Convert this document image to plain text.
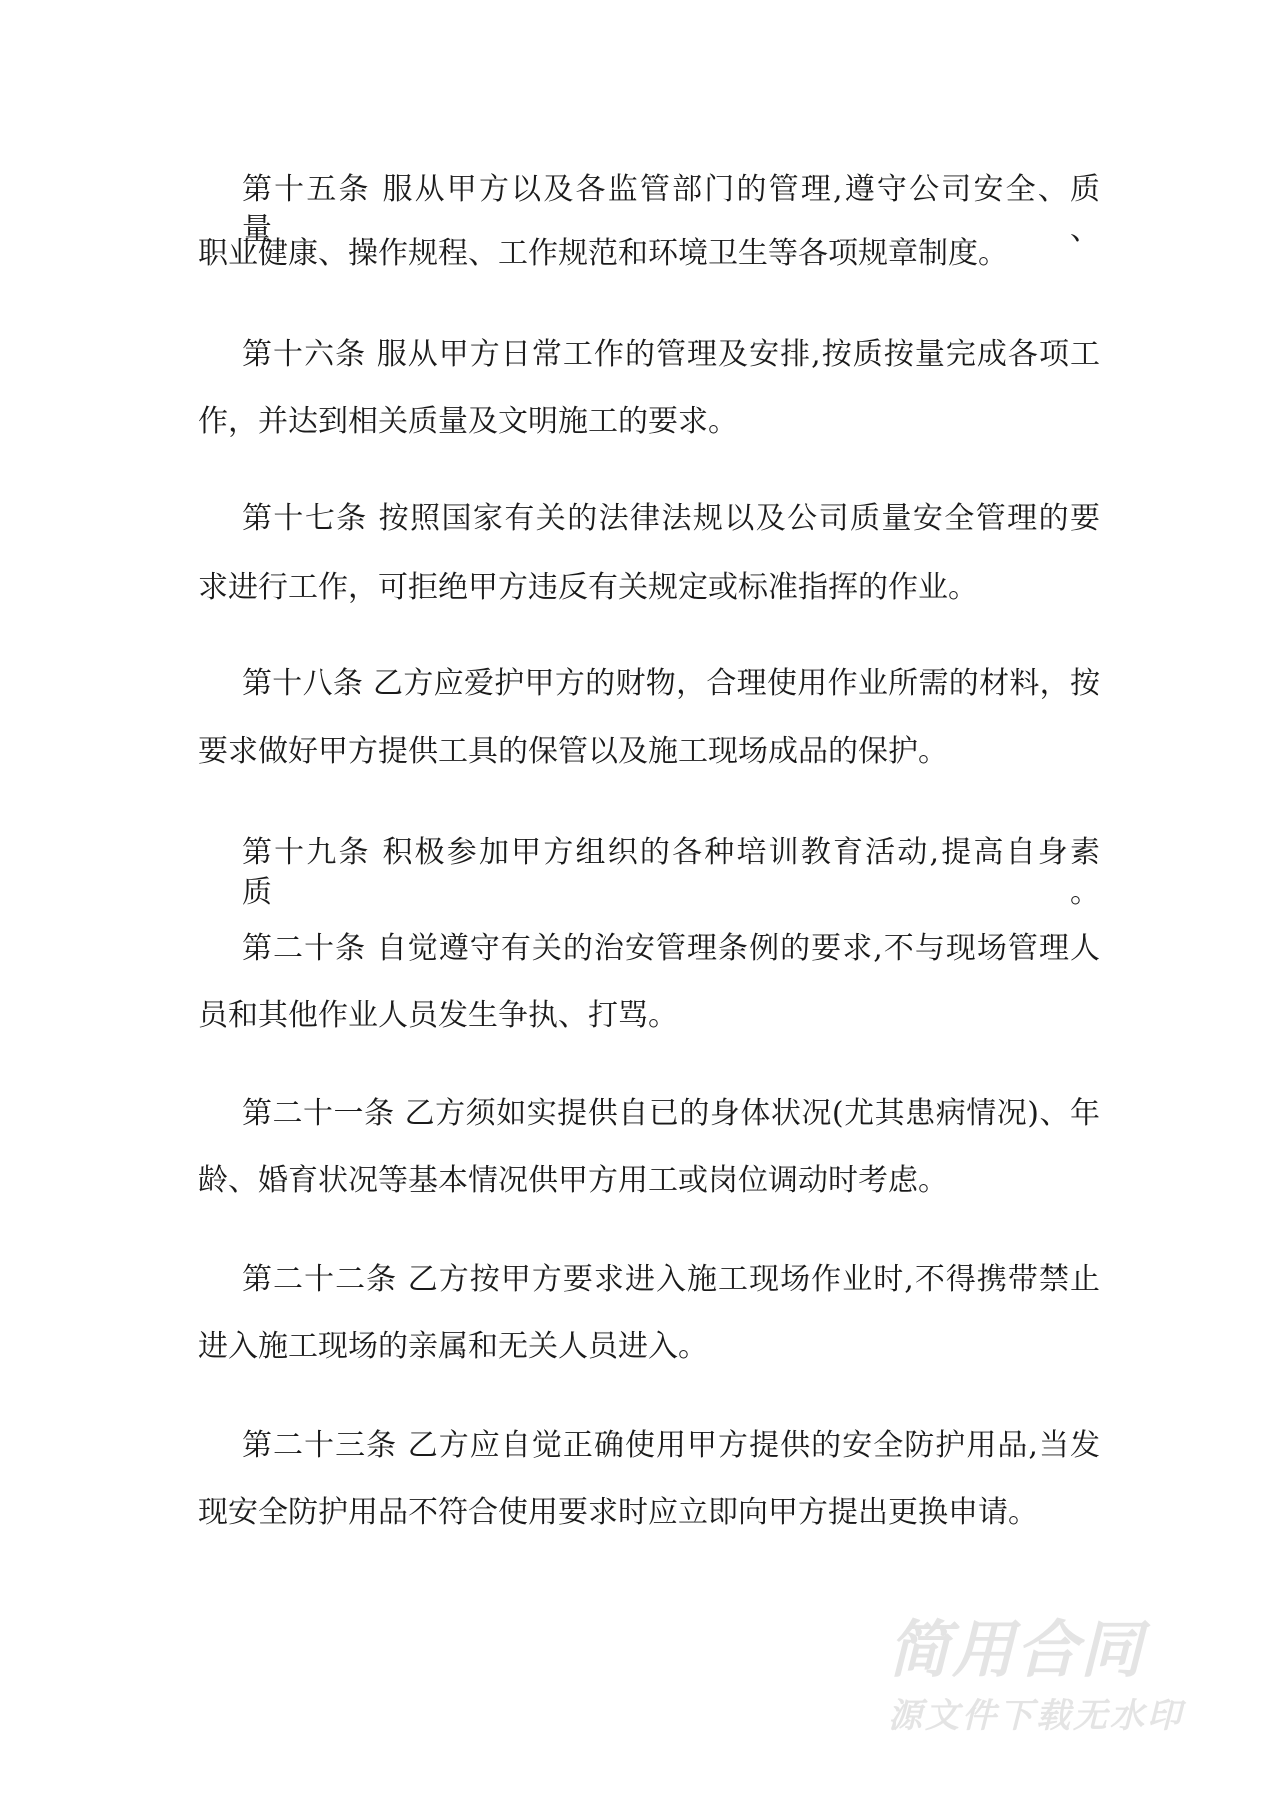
第十五条 服从甲方以及各监管部门的管理,遵守公司安全、质量、
职业健康、操作规程、工作规范和环境卫生等各项规章制度。
第十六条 服从甲方日常工作的管理及安排,按质按量完成各项工
作，并达到相关质量及文明施工的要求。
第十七条 按照国家有关的法律法规以及公司质量安全管理的要
求进行工作，可拒绝甲方违反有关规定或标准指挥的作业。
第十八条 乙方应爱护甲方的财物，合理使用作业所需的材料，按
要求做好甲方提供工具的保管以及施工现场成品的保护。
第十九条 积极参加甲方组织的各种培训教育活动,提高自身素质。
第二十条 自觉遵守有关的治安管理条例的要求,不与现场管理人
员和其他作业人员发生争执、打骂。
第二十一条 乙方须如实提供自已的身体状况(尤其患病情况)、年
龄、婚育状况等基本情况供甲方用工或岗位调动时考虑。
第二十二条 乙方按甲方要求进入施工现场作业时,不得携带禁止
进入施工现场的亲属和无关人员进入。
第二十三条 乙方应自觉正确使用甲方提供的安全防护用品,当发
现安全防护用品不符合使用要求时应立即向甲方提出更换申请。
简用合同
源文件下载无水印
